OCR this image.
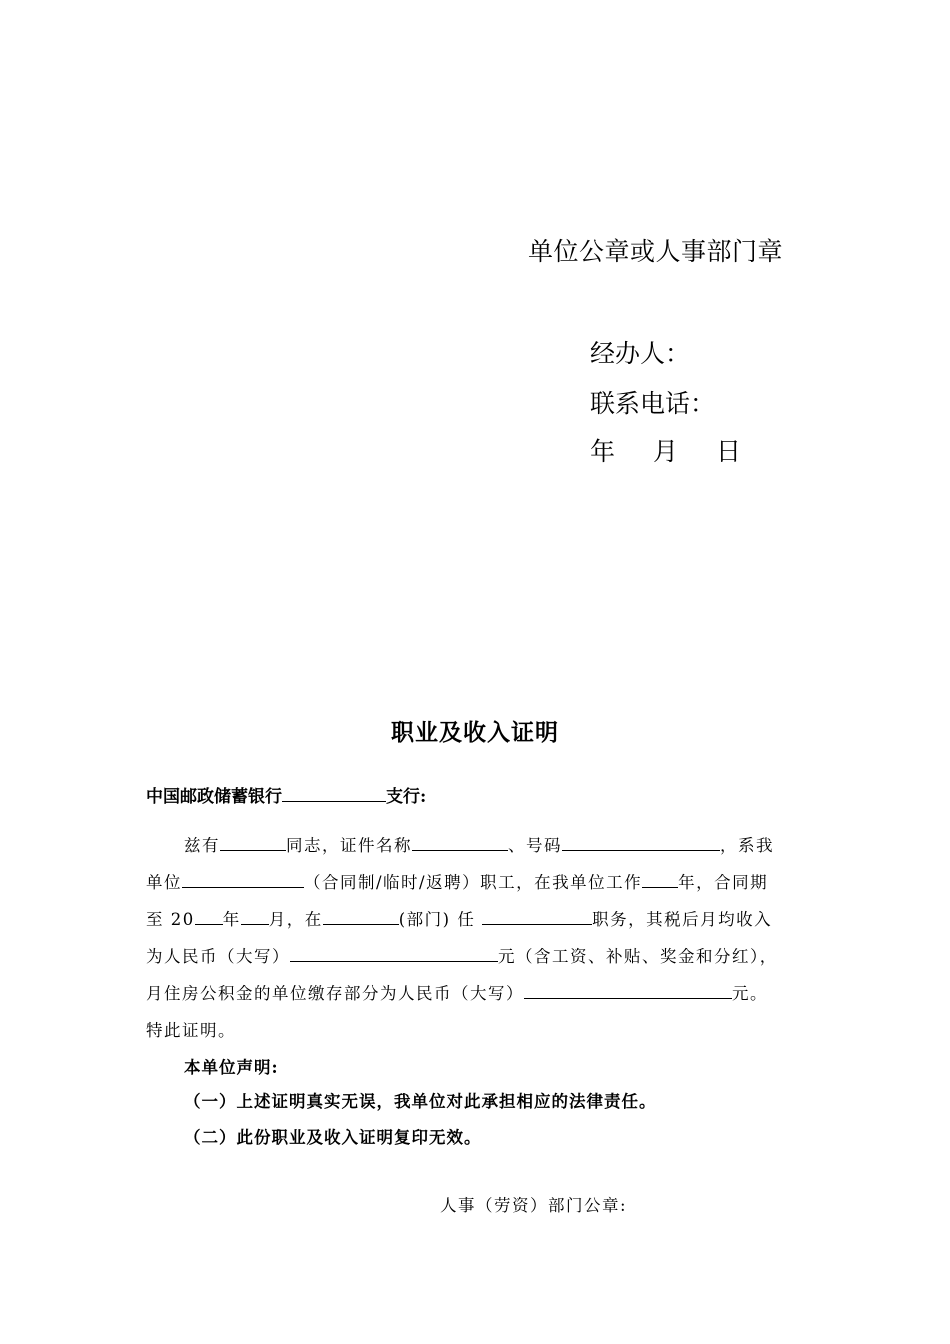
单位公章或人事部门章
经办人：
联系电话：
年 月 日
职业及收入证明
中国邮政储蓄银行	支行:
兹有	同志，证件名称	、号码	，系我
单位	（合同制/临时/返聘）职工，在我单位工作 年，合同期
至 20 年 月，在	(部门) 任	职务，其税后月均收入
为人民币（大写）	元（含工资、补贴、奖金和分红），
月住房公积金的单位缴存部分为人民币（大写）	元。
特此证明。
本单位声明:
（一）上述证明真实无误，我单位对此承担相应的法律责任。
（二）此份职业及收入证明复印无效。
人事（劳资）部门公章:
